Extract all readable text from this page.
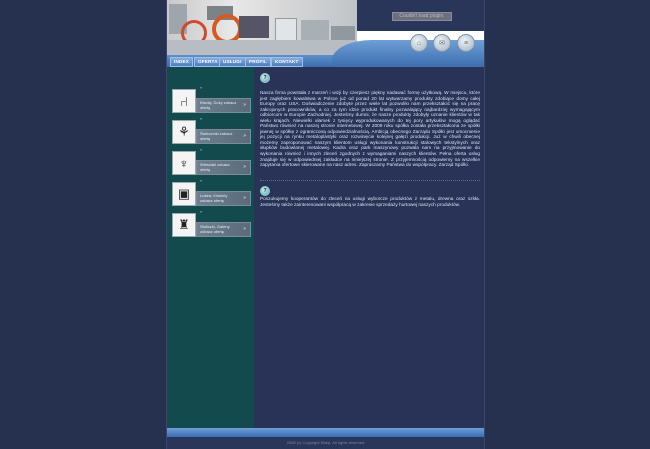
Couldn't load plugin.
⌂	✉	≡
INDEX	OFERTA	USŁUGI	PROFIL	KONTAKT
»
⑁	Kiwoły, Doży zobacz ofertę	»
»
⚘	Świeczniki zobacz ofertę	»
»
♆	Wieszaki zobacz ofertę	»
»
▣	Lustra, Kinkiety zobacz ofertę	»
»
♜	Stoliczki, Galeny zobacz ofertę	»
?
Nasza firma powstała z marzeń i wizji by czerpiesz piękny nadawać formę użytkową. W miejscu, które jest zagłębiem kowalstwa w Polsce już od ponad 20 lat wytwarzamy produkty zdobiące domy całej Europy oraz USA. Doświadczenie zdobyte przez wiele lat pozwoliło nam przekształcić się na pracę zakrojonych pracowników, a co za tym idzie produkt finalny pozwalający najbardziej wymagającym odbiorcom w Europie Zachodniej. Jesteśmy dumni, że nasze produkty zdobyły uznanie klientów w tak wielu krajach. Niewielki ułamek z tysięcy wyprodukowanych do tej pory artykułów mogą oglądać Państwo również na naszej stronie internetowej. W 2009 roku spółka została przekształcona ze spółki jawnej w spółkę z ograniczoną odpowiedzialnością. Ambicją obecnego Zarządu Spółki jest umocnienie jej pozycji na rynku metaloplastyki oraz rozwinięcie kolejnej gałęzi produkcji. Już w chwili obecnej możemy zaproponować naszym klientom usługi wykonania konstrukcji stalowych tekstylnych oraz słupków budowlanej metalowej. Kadra oraz park maszynowy pozwala nam na przyjmowanie do wykonania również i innych zleceń zgodnych z wymaganiami naszych klientów. Pełna oferta usług znajduje się w odpowiedniej zakładce na niniejszej stronie. Z przyjemnością odpowiemy na wszelkie zapytania ofertowe skierowane na nasz adres. Zapraszamy Państwa do współpracy. Zarząd Spółki.
?
Poszukujemy kooperantów do zleceń na usługi wyborcze produktów z metalu, drewna oraz szkła. Jesteśmy także zainteresowani współpracą w zakresie sprzedaży hurtowej naszych produktów.
2008 (c) Copyright Elstyl, All rights reserved
